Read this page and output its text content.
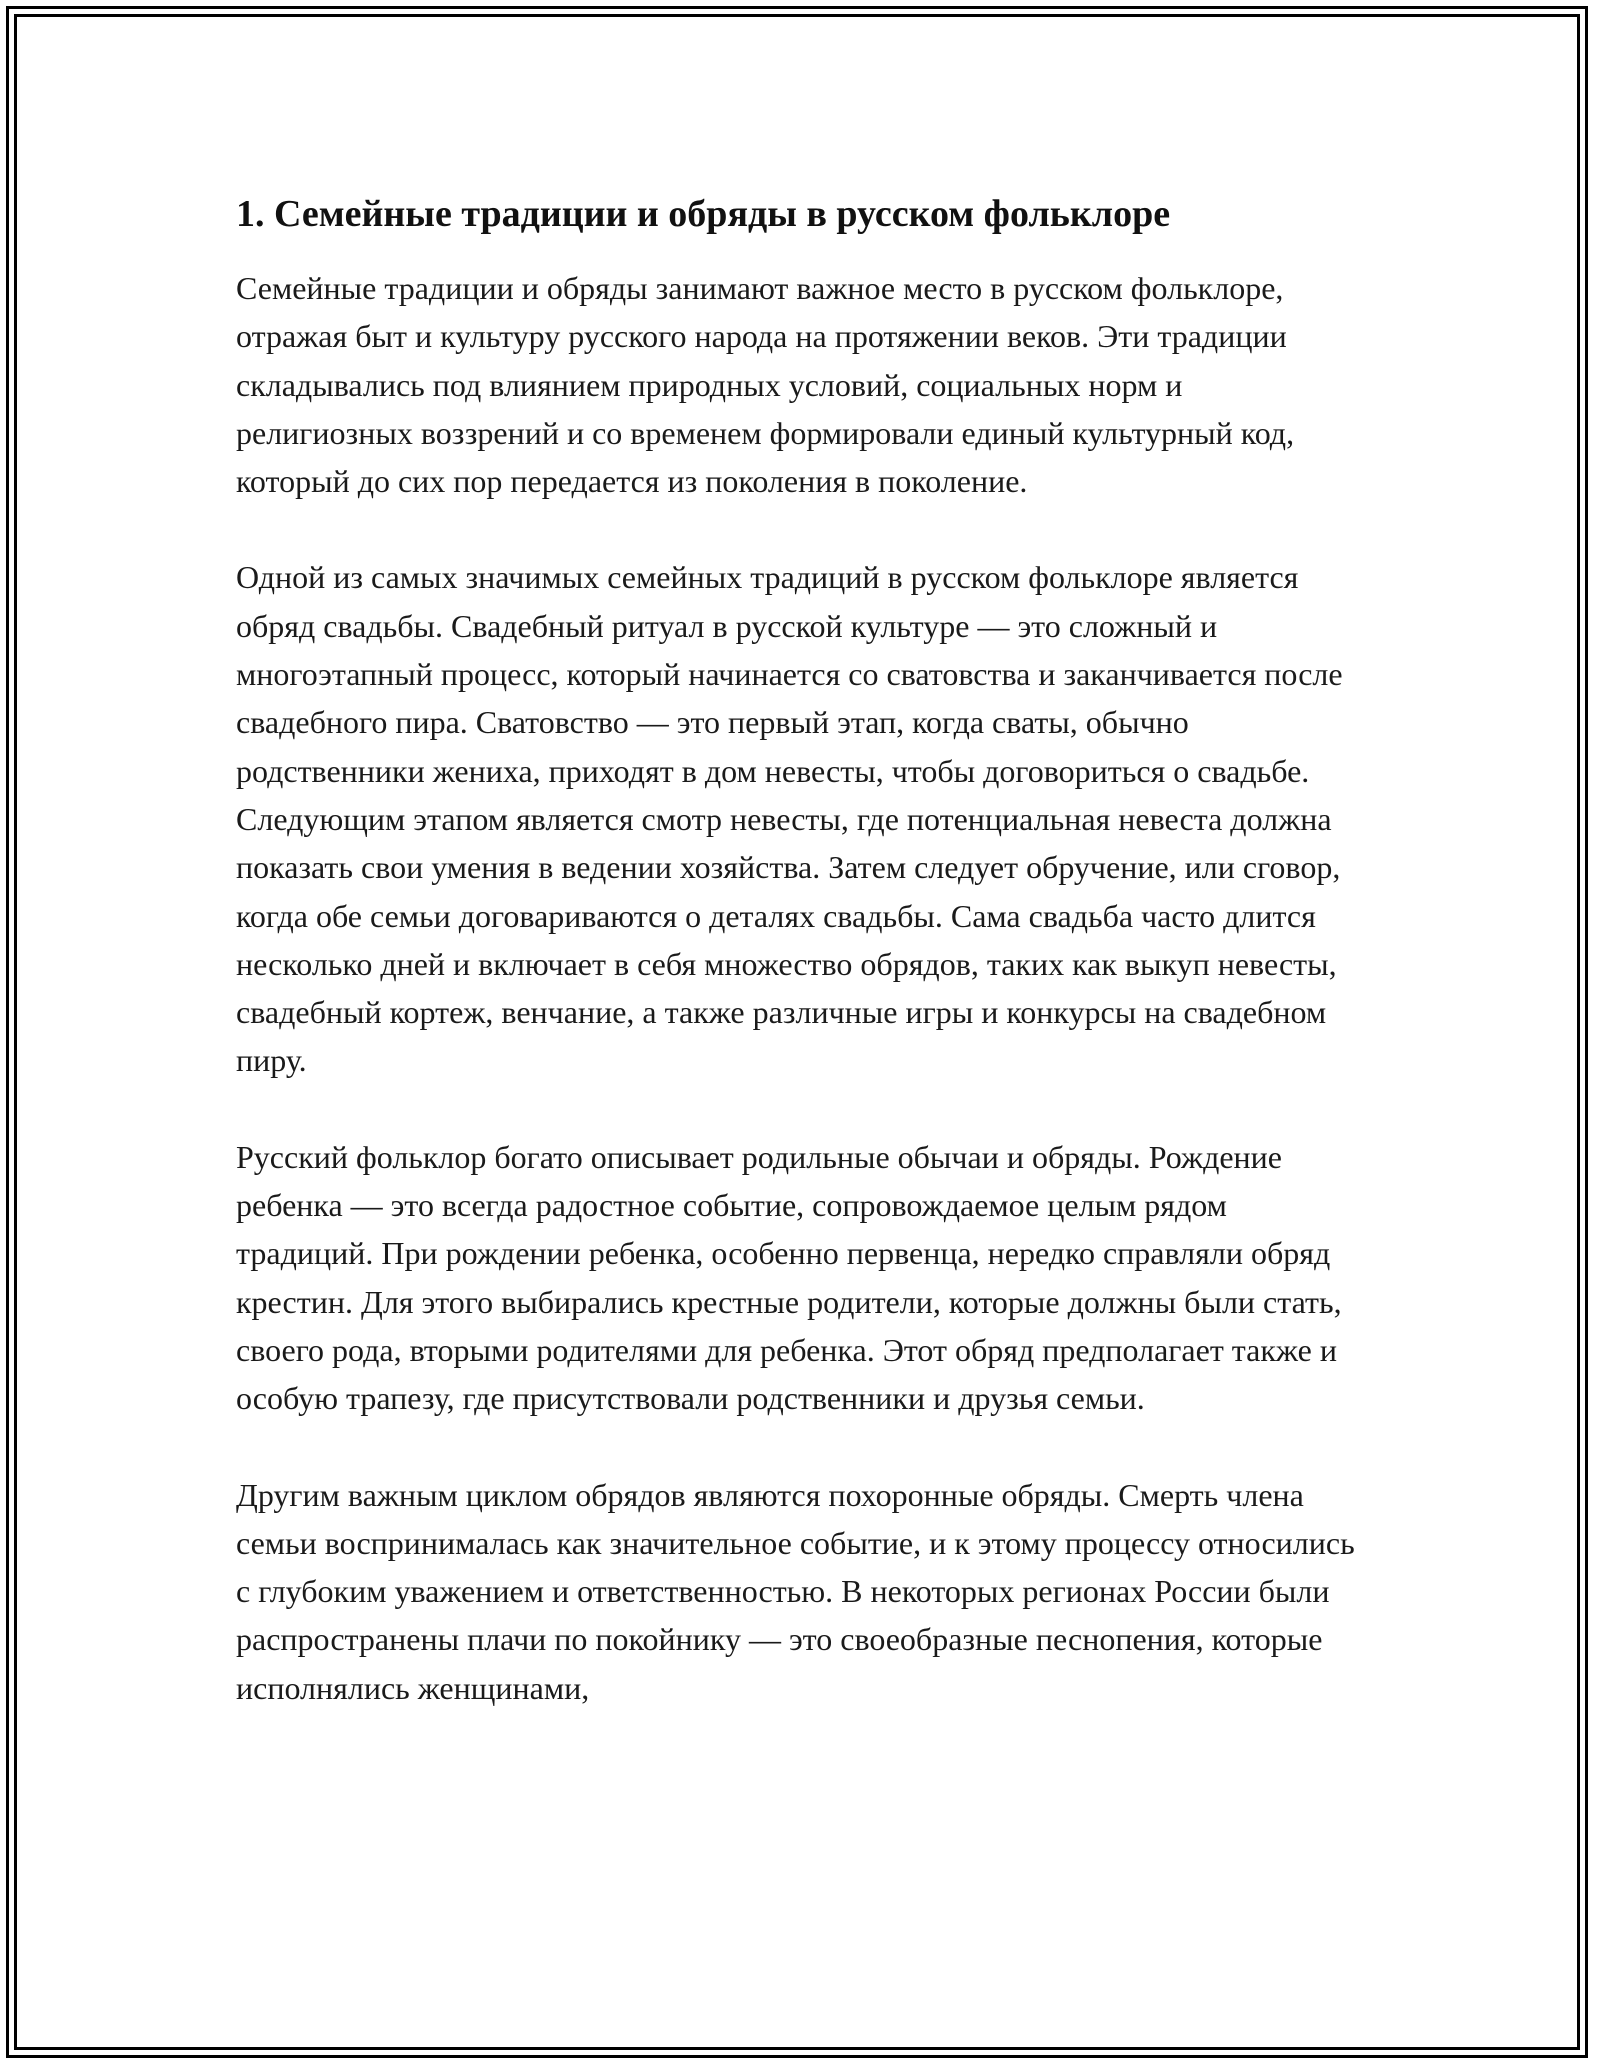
1. Семейные традиции и обряды в русском фольклоре

Семейные традиции и обряды занимают важное место в русском фольклоре, отражая быт и культуру русского народа на протяжении веков. Эти традиции складывались под влиянием природных условий, социальных норм и религиозных воззрений и со временем формировали единый культурный код, который до сих пор передается из поколения в поколение.

Одной из самых значимых семейных традиций в русском фольклоре является обряд свадьбы. Свадебный ритуал в русской культуре — это сложный и многоэтапный процесс, который начинается со сватовства и заканчивается после свадебного пира. Сватовство — это первый этап, когда сваты, обычно родственники жениха, приходят в дом невесты, чтобы договориться о свадьбе. Следующим этапом является смотр невесты, где потенциальная невеста должна показать свои умения в ведении хозяйства. Затем следует обручение, или сговор, когда обе семьи договариваются о деталях свадьбы. Сама свадьба часто длится несколько дней и включает в себя множество обрядов, таких как выкуп невесты, свадебный кортеж, венчание, а также различные игры и конкурсы на свадебном пиру.

Русский фольклор богато описывает родильные обычаи и обряды. Рождение ребенка — это всегда радостное событие, сопровождаемое целым рядом традиций. При рождении ребенка, особенно первенца, нередко справляли обряд крестин. Для этого выбирались крестные родители, которые должны были стать, своего рода, вторыми родителями для ребенка. Этот обряд предполагает также и особую трапезу, где присутствовали родственники и друзья семьи.

Другим важным циклом обрядов являются похоронные обряды. Смерть члена семьи воспринималась как значительное событие, и к этому процессу относились с глубоким уважением и ответственностью. В некоторых регионах России были распространены плачи по покойнику — это своеобразные песнопения, которые исполнялись женщинами,
